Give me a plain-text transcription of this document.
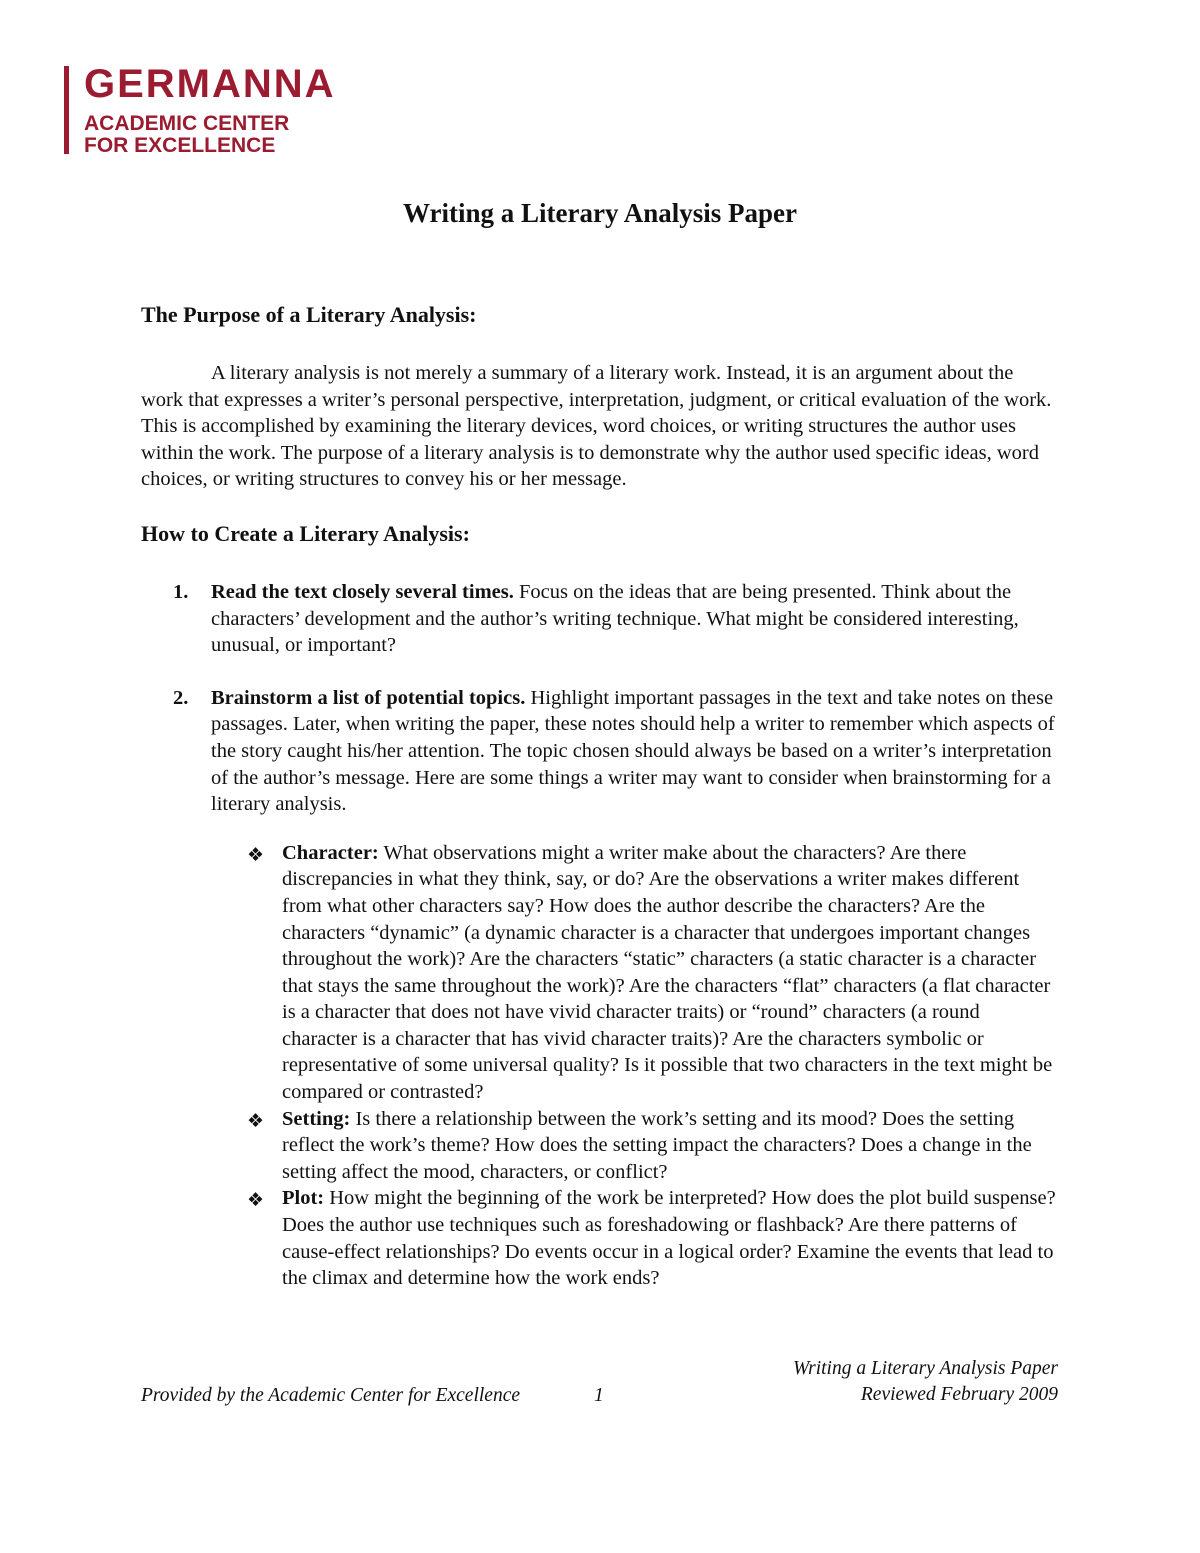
GERMANNA
ACADEMIC CENTER
FOR EXCELLENCE
Writing a Literary Analysis Paper
The Purpose of a Literary Analysis:

A literary analysis is not merely a summary of a literary work. Instead, it is an argument about the work that expresses a writer’s personal perspective, interpretation, judgment, or critical evaluation of the work. This is accomplished by examining the literary devices, word choices, or writing structures the author uses within the work. The purpose of a literary analysis is to demonstrate why the author used specific ideas, word choices, or writing structures to convey his or her message.

How to Create a Literary Analysis:
1. Read the text closely several times. Focus on the ideas that are being presented. Think about the characters’ development and the author’s writing technique. What might be considered interesting, unusual, or important?
2. Brainstorm a list of potential topics. Highlight important passages in the text and take notes on these passages. Later, when writing the paper, these notes should help a writer to remember which aspects of the story caught his/her attention. The topic chosen should always be based on a writer’s interpretation of the author’s message. Here are some things a writer may want to consider when brainstorming for a literary analysis.
❖ Character: What observations might a writer make about the characters? Are there discrepancies in what they think, say, or do? Are the observations a writer makes different from what other characters say? How does the author describe the characters? Are the characters “dynamic” (a dynamic character is a character that undergoes important changes throughout the work)? Are the characters “static” characters (a static character is a character that stays the same throughout the work)? Are the characters “flat” characters (a flat character is a character that does not have vivid character traits) or “round” characters (a round character is a character that has vivid character traits)? Are the characters symbolic or representative of some universal quality? Is it possible that two characters in the text might be compared or contrasted?
❖ Setting: Is there a relationship between the work’s setting and its mood? Does the setting reflect the work’s theme? How does the setting impact the characters? Does a change in the setting affect the mood, characters, or conflict?
❖ Plot: How might the beginning of the work be interpreted? How does the plot build suspense? Does the author use techniques such as foreshadowing or flashback? Are there patterns of cause-effect relationships? Do events occur in a logical order? Examine the events that lead to the climax and determine how the work ends?
Provided by the Academic Center for Excellence	1
Writing a Literary Analysis Paper
Reviewed February 2009
